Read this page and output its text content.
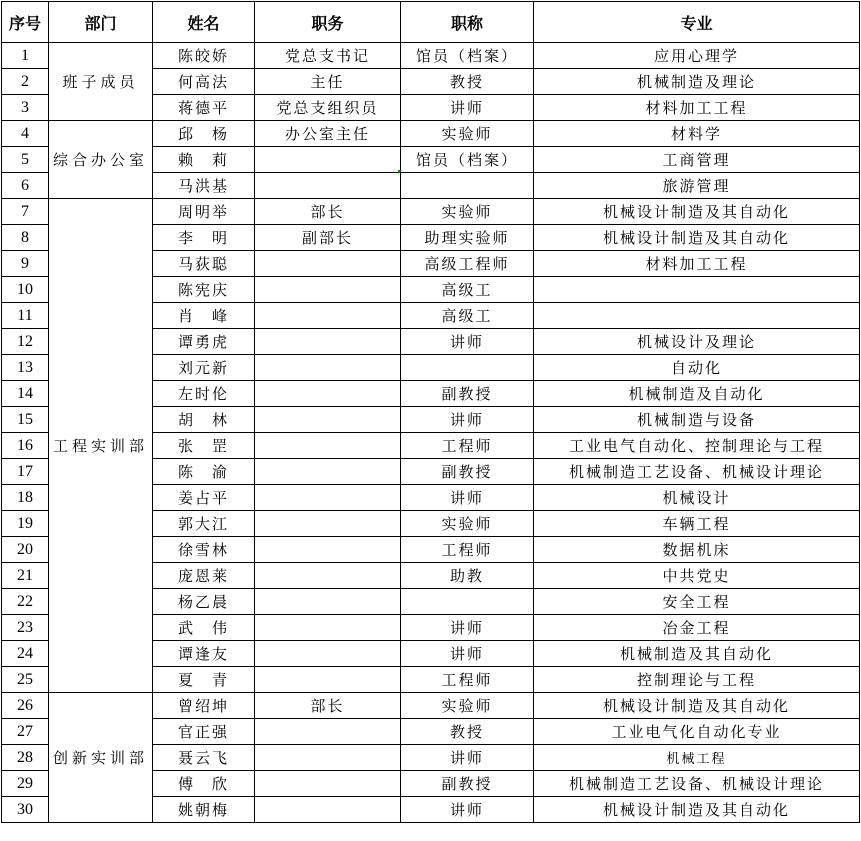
序号	部门	姓名	职务	职称	专业
1	班子成员	陈皎娇	党总支书记	馆员（档案）	应用心理学
2		何高法	主任	教授	机械制造及理论
3		蒋德平	党总支组织员	讲师	材料加工工程
4	综合办公室	邱　杨	办公室主任	实验师	材料学
5		赖　莉		馆员（档案）	工商管理
6		马洪基			旅游管理
7	工程实训部	周明举	部长	实验师	机械设计制造及其自动化
8		李　明	副部长	助理实验师	机械设计制造及其自动化
9		马荻聪		高级工程师	材料加工工程
10		陈宪庆		高级工	
11		肖　峰		高级工	
12		谭勇虎		讲师	机械设计及理论
13		刘元新			自动化
14		左时伦		副教授	机械制造及自动化
15		胡　林		讲师	机械制造与设备
16		张　罡		工程师	工业电气自动化、控制理论与工程
17		陈　渝		副教授	机械制造工艺设备、机械设计理论
18		姜占平		讲师	机械设计
19		郭大江		实验师	车辆工程
20		徐雪林		工程师	数据机床
21		庞恩莱		助教	中共党史
22		杨乙晨			安全工程
23		武　伟		讲师	冶金工程
24		谭逢友		讲师	机械制造及其自动化
25		夏　青		工程师	控制理论与工程
26	创新实训部	曾绍坤	部长	实验师	机械设计制造及其自动化
27		官正强		教授	工业电气化自动化专业
28		聂云飞		讲师	机械工程
29		傅　欣		副教授	机械制造工艺设备、机械设计理论
30		姚朝梅		讲师	机械设计制造及其自动化
